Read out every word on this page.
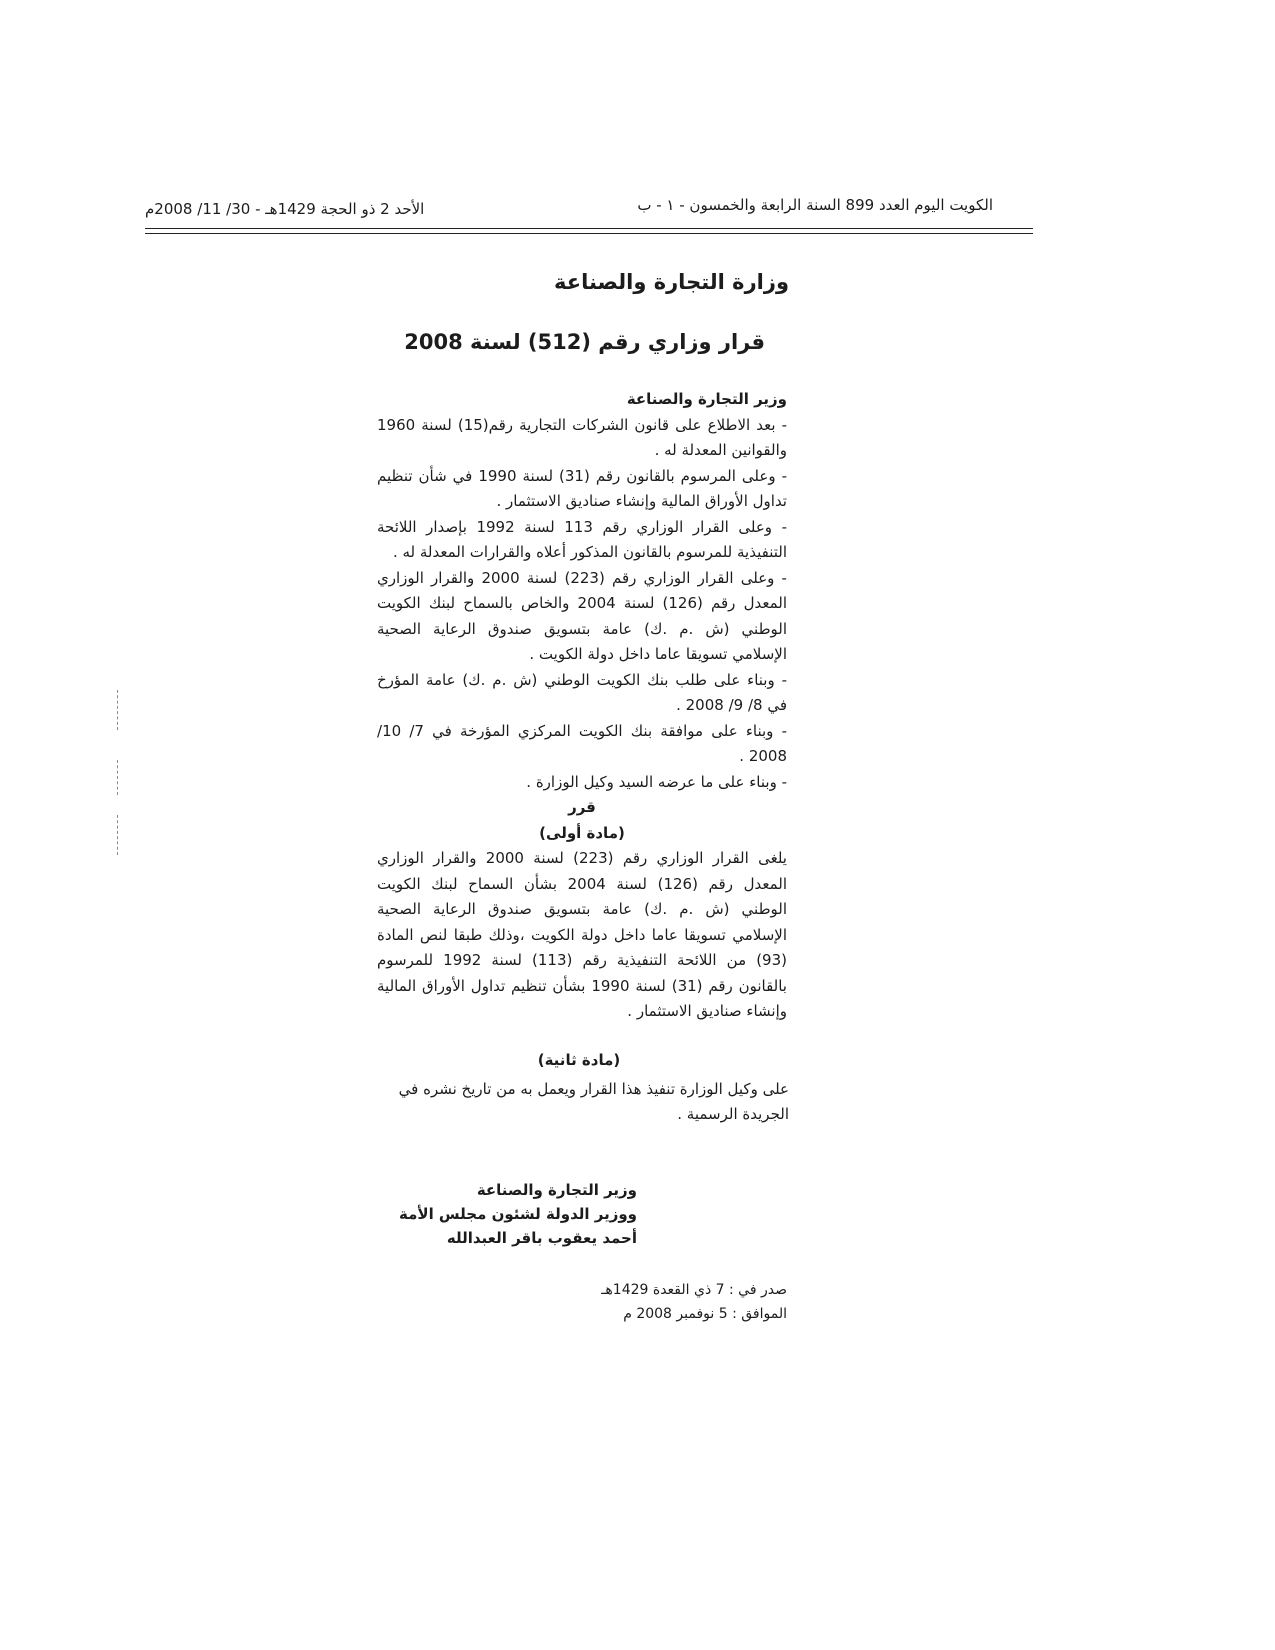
الكويت اليوم العدد 899 السنة الرابعة والخمسون - ١ - ب
الأحد 2 ذو الحجة 1429هـ - 30/ 11/ 2008م
وزارة التجارة والصناعة
قرار وزاري رقم (512) لسنة 2008

وزير التجارة والصناعة

- بعد الاطلاع على قانون الشركات التجارية رقم(15) لسنة 1960 والقوانين المعدلة له .

- وعلى المرسوم بالقانون رقم (31) لسنة 1990 في شأن تنظيم تداول الأوراق المالية وإنشاء صناديق الاستثمار .

- وعلى القرار الوزاري رقم 113 لسنة 1992 بإصدار اللائحة التنفيذية للمرسوم بالقانون المذكور أعلاه والقرارات المعدلة له .

- وعلى القرار الوزاري رقم (223) لسنة 2000 والقرار الوزاري المعدل رقم (126) لسنة 2004 والخاص بالسماح لبنك الكويت الوطني (ش .م .ك) عامة بتسويق صندوق الرعاية الصحية الإسلامي تسويقا عاما داخل دولة الكويت .

- وبناء على طلب بنك الكويت الوطني (ش .م .ك) عامة المؤرخ في 8/ 9/ 2008 .

- وبناء على موافقة بنك الكويت المركزي المؤرخة في 7/ 10/ 2008 .

- وبناء على ما عرضه السيد وكيل الوزارة .

قرر

(مادة أولى)

يلغى القرار الوزاري رقم (223) لسنة 2000 والقرار الوزاري المعدل رقم (126) لسنة 2004 بشأن السماح لبنك الكويت الوطني (ش .م .ك) عامة بتسويق صندوق الرعاية الصحية الإسلامي تسويقا عاما داخل دولة الكويت ،وذلك طبقا لنص المادة (93) من اللائحة التنفيذية رقم (113) لسنة 1992 للمرسوم بالقانون رقم (31) لسنة 1990 بشأن تنظيم تداول الأوراق المالية وإنشاء صناديق الاستثمار .

(مادة ثانية)

على وكيل الوزارة تنفيذ هذا القرار ويعمل به من تاريخ نشره في الجريدة الرسمية .

وزير التجارة والصناعة
ووزير الدولة لشئون مجلس الأمة
أحمد يعقوب باقر العبدالله
صدر في : 7 ذي القعدة 1429هـ
الموافق : 5 نوفمبر 2008 م
